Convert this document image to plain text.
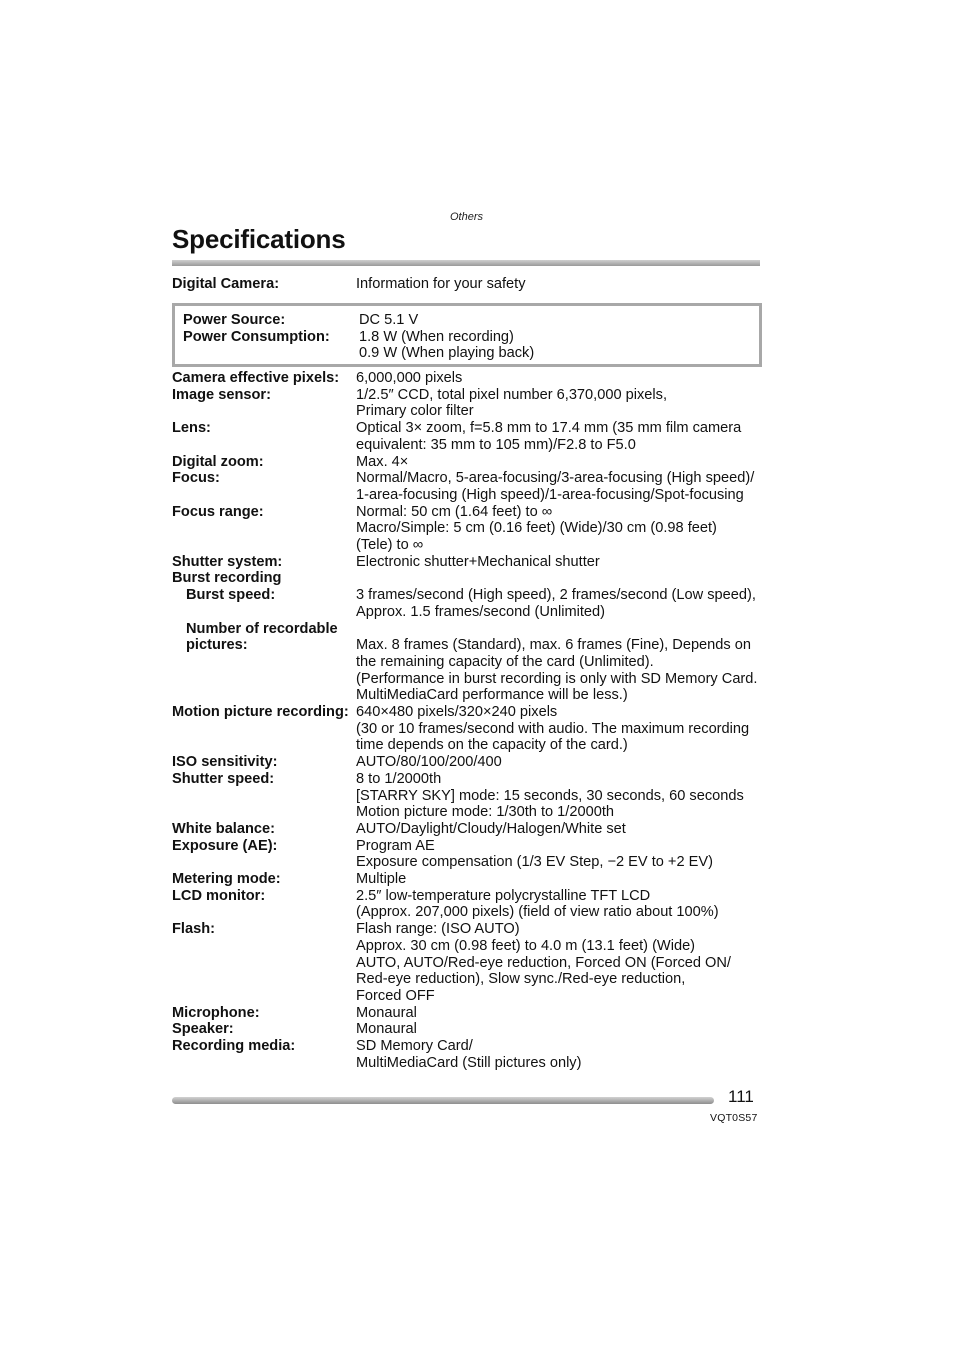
Others
Specifications
Digital Camera:	Information for your safety
Power Source:	DC 5.1 V
Power Consumption: 1.8 W (When recording)
0.9 W (When playing back)
Camera effective pixels: 6,000,000 pixels
Image sensor:	1/2.5″ CCD, total pixel number 6,370,000 pixels,
Primary color filter
Lens:	Optical 3× zoom, f=5.8 mm to 17.4 mm (35 mm film camera
equivalent: 35 mm to 105 mm)/F2.8 to F5.0
Digital zoom:	Max. 4×
Focus:	Normal/Macro, 5-area-focusing/3-area-focusing (High speed)/
1-area-focusing (High speed)/1-area-focusing/Spot-focusing
Focus range:	Normal: 50 cm (1.64 feet) to ∞
Macro/Simple: 5 cm (0.16 feet) (Wide)/30 cm (0.98 feet)
(Tele) to ∞
Shutter system:	Electronic shutter+Mechanical shutter
Burst recording
Burst speed:	3 frames/second (High speed), 2 frames/second (Low speed),
Approx. 1.5 frames/second (Unlimited)
Number of recordable
pictures:	Max. 8 frames (Standard), max. 6 frames (Fine), Depends on
the remaining capacity of the card (Unlimited).
(Performance in burst recording is only with SD Memory Card.
MultiMediaCard performance will be less.)
Motion picture recording: 640×480 pixels/320×240 pixels
(30 or 10 frames/second with audio. The maximum recording
time depends on the capacity of the card.)
ISO sensitivity:	AUTO/80/100/200/400
Shutter speed:	8 to 1/2000th
[STARRY SKY] mode: 15 seconds, 30 seconds, 60 seconds
Motion picture mode: 1/30th to 1/2000th
White balance:	AUTO/Daylight/Cloudy/Halogen/White set
Exposure (AE):	Program AE
Exposure compensation (1/3 EV Step, −2 EV to +2 EV)
Metering mode:	Multiple
LCD monitor:	2.5″ low-temperature polycrystalline TFT LCD
(Approx. 207,000 pixels) (field of view ratio about 100%)
Flash:	Flash range: (ISO AUTO)
Approx. 30 cm (0.98 feet) to 4.0 m (13.1 feet) (Wide)
AUTO, AUTO/Red-eye reduction, Forced ON (Forced ON/
Red-eye reduction), Slow sync./Red-eye reduction,
Forced OFF
Microphone:	Monaural
Speaker:	Monaural
Recording media:	SD Memory Card/
MultiMediaCard (Still pictures only)
111
VQT0S57
